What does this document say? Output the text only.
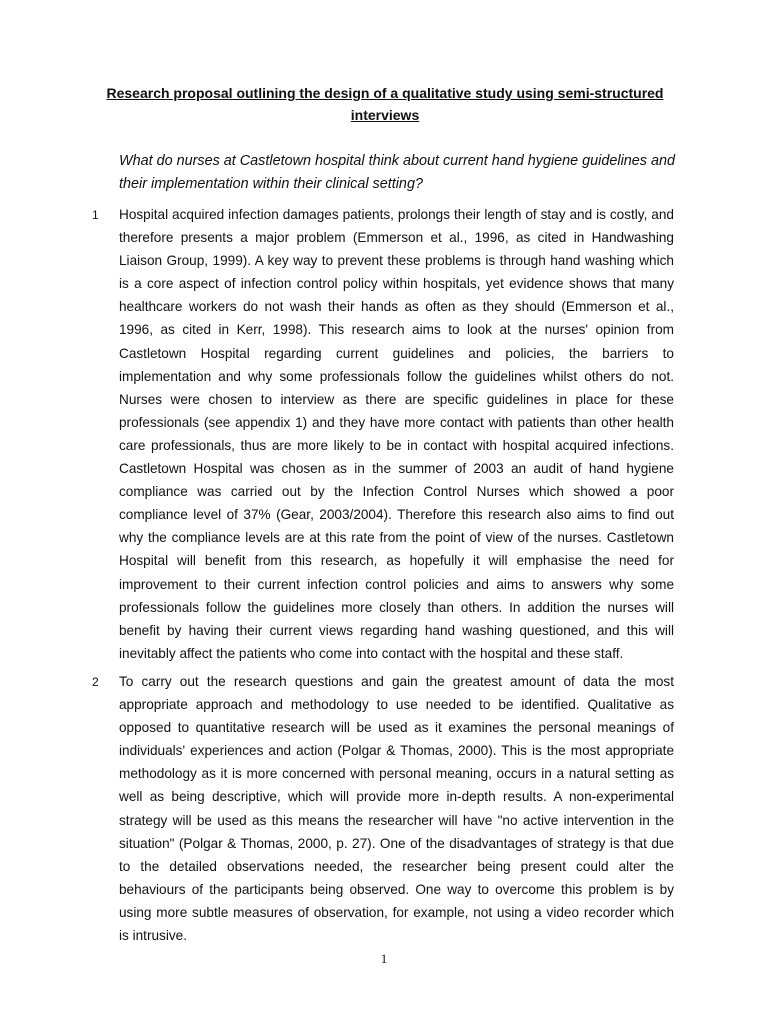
Research proposal outlining the design of a qualitative study using semi-structured interviews
What do nurses at Castletown hospital think about current hand hygiene guidelines and their implementation within their clinical setting?
1 Hospital acquired infection damages patients, prolongs their length of stay and is costly, and therefore presents a major problem (Emmerson et al., 1996, as cited in Handwashing Liaison Group, 1999). A key way to prevent these problems is through hand washing which is a core aspect of infection control policy within hospitals, yet evidence shows that many healthcare workers do not wash their hands as often as they should (Emmerson et al., 1996, as cited in Kerr, 1998). This research aims to look at the nurses' opinion from Castletown Hospital regarding current guidelines and policies, the barriers to implementation and why some professionals follow the guidelines whilst others do not. Nurses were chosen to interview as there are specific guidelines in place for these professionals (see appendix 1) and they have more contact with patients than other health care professionals, thus are more likely to be in contact with hospital acquired infections. Castletown Hospital was chosen as in the summer of 2003 an audit of hand hygiene compliance was carried out by the Infection Control Nurses which showed a poor compliance level of 37% (Gear, 2003/2004). Therefore this research also aims to find out why the compliance levels are at this rate from the point of view of the nurses. Castletown Hospital will benefit from this research, as hopefully it will emphasise the need for improvement to their current infection control policies and aims to answers why some professionals follow the guidelines more closely than others. In addition the nurses will benefit by having their current views regarding hand washing questioned, and this will inevitably affect the patients who come into contact with the hospital and these staff.
2 To carry out the research questions and gain the greatest amount of data the most appropriate approach and methodology to use needed to be identified. Qualitative as opposed to quantitative research will be used as it examines the personal meanings of individuals' experiences and action (Polgar & Thomas, 2000). This is the most appropriate methodology as it is more concerned with personal meaning, occurs in a natural setting as well as being descriptive, which will provide more in-depth results. A non-experimental strategy will be used as this means the researcher will have "no active intervention in the situation" (Polgar & Thomas, 2000, p. 27). One of the disadvantages of strategy is that due to the detailed observations needed, the researcher being present could alter the behaviours of the participants being observed. One way to overcome this problem is by using more subtle measures of observation, for example, not using a video recorder which is intrusive.
1
